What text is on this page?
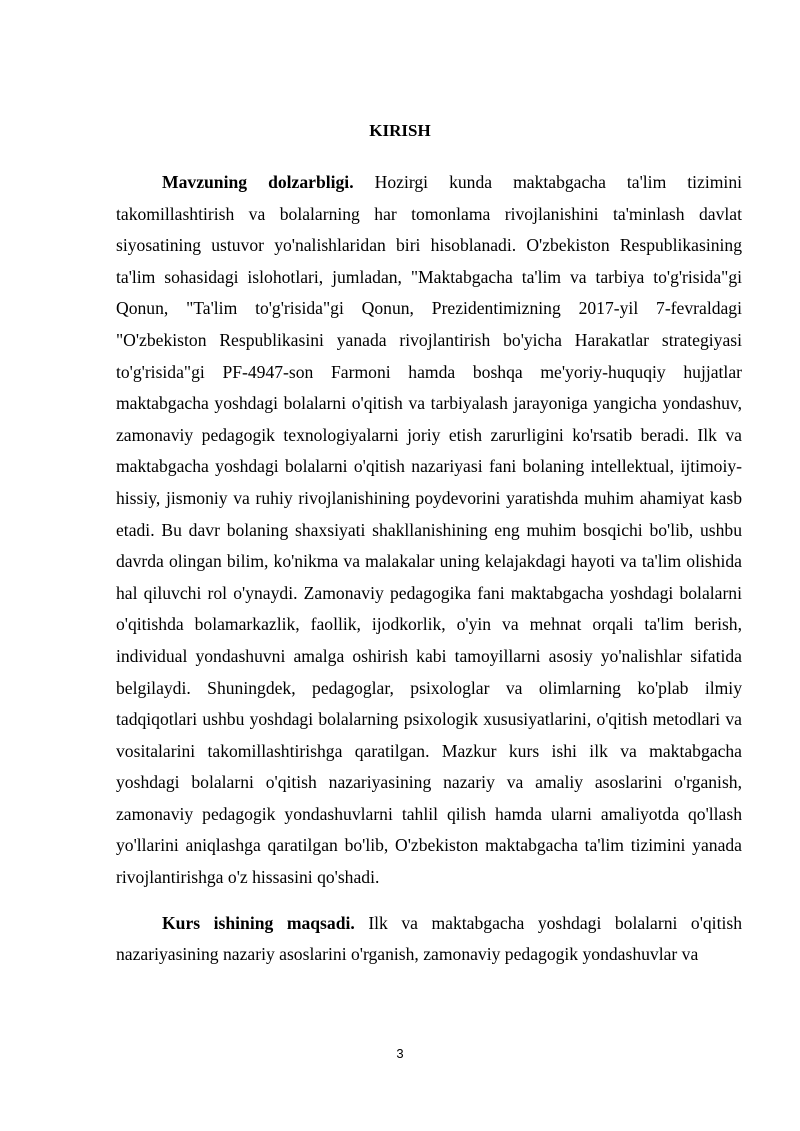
KIRISH

Mavzuning dolzarbligi. Hozirgi kunda maktabgacha ta'lim tizimini takomillashtirish va bolalarning har tomonlama rivojlanishini ta'minlash davlat siyosatining ustuvor yo'nalishlaridan biri hisoblanadi. O'zbekiston Respublikasining ta'lim sohasidagi islohotlari, jumladan, "Maktabgacha ta'lim va tarbiya to'g'risida"gi Qonun, "Ta'lim to'g'risida"gi Qonun, Prezidentimizning 2017-yil 7-fevraldagi "O'zbekiston Respublikasini yanada rivojlantirish bo'yicha Harakatlar strategiyasi to'g'risida"gi PF-4947-son Farmoni hamda boshqa me'yoriy-huquqiy hujjatlar maktabgacha yoshdagi bolalarni o'qitish va tarbiyalash jarayoniga yangicha yondashuv, zamonaviy pedagogik texnologiyalarni joriy etish zarurligini ko'rsatib beradi. Ilk va maktabgacha yoshdagi bolalarni o'qitish nazariyasi fani bolaning intellektual, ijtimoiy-hissiy, jismoniy va ruhiy rivojlanishining poydevorini yaratishda muhim ahamiyat kasb etadi. Bu davr bolaning shaxsiyati shakllanishining eng muhim bosqichi bo'lib, ushbu davrda olingan bilim, ko'nikma va malakalar uning kelajakdagi hayoti va ta'lim olishida hal qiluvchi rol o'ynaydi. Zamonaviy pedagogika fani maktabgacha yoshdagi bolalarni o'qitishda bolamarkazlik, faollik, ijodkorlik, o'yin va mehnat orqali ta'lim berish, individual yondashuvni amalga oshirish kabi tamoyillarni asosiy yo'nalishlar sifatida belgilaydi. Shuningdek, pedagoglar, psixologlar va olimlarning ko'plab ilmiy tadqiqotlari ushbu yoshdagi bolalarning psixologik xususiyatlarini, o'qitish metodlari va vositalarini takomillashtirishga qaratilgan. Mazkur kurs ishi ilk va maktabgacha yoshdagi bolalarni o'qitish nazariyasining nazariy va amaliy asoslarini o'rganish, zamonaviy pedagogik yondashuvlarni tahlil qilish hamda ularni amaliyotda qo'llash yo'llarini aniqlashga qaratilgan bo'lib, O'zbekiston maktabgacha ta'lim tizimini yanada rivojlantirishga o'z hissasini qo'shadi.

Kurs ishining maqsadi. Ilk va maktabgacha yoshdagi bolalarni o'qitish nazariyasining nazariy asoslarini o'rganish, zamonaviy pedagogik yondashuvlar va

3
